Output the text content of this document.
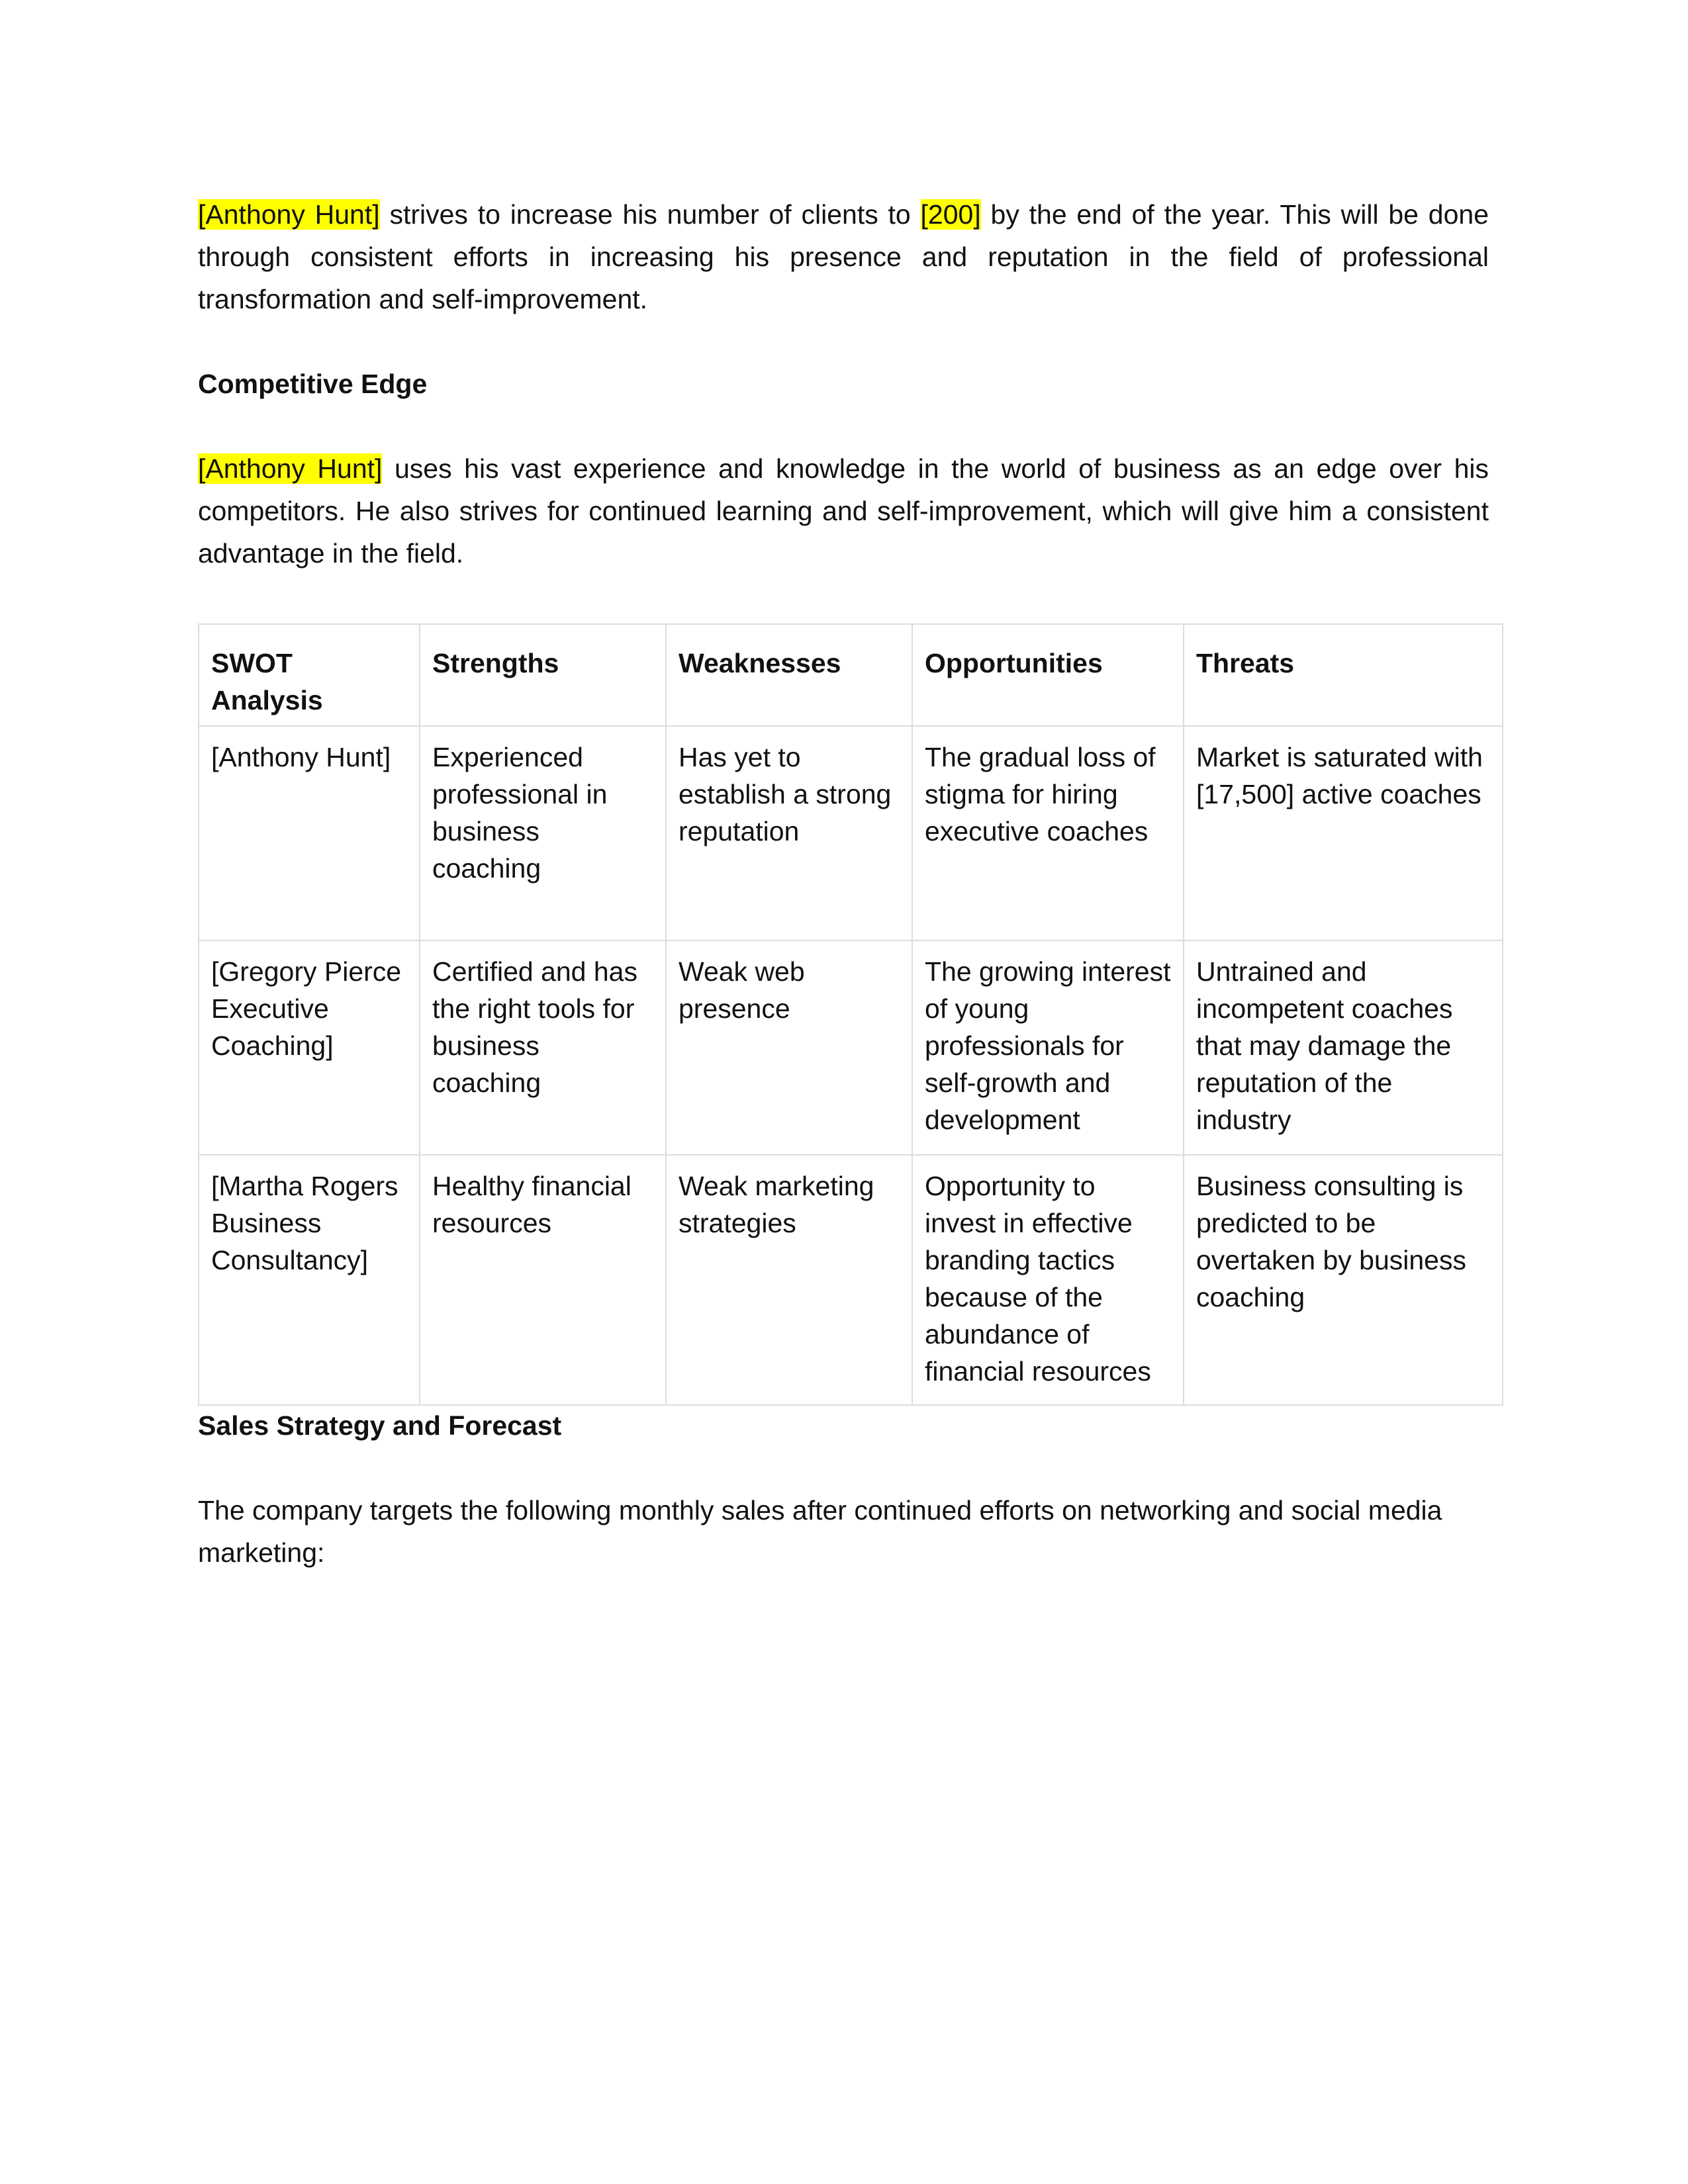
[Anthony Hunt] strives to increase his number of clients to [200] by the end of the year. This will be done through consistent efforts in increasing his presence and reputation in the field of professional transformation and self-improvement.

Competitive Edge

[Anthony Hunt] uses his vast experience and knowledge in the world of business as an edge over his competitors. He also strives for continued learning and self-improvement, which will give him a consistent advantage in the field.

SWOT Analysis	Strengths	Weaknesses	Opportunities	Threats
[Anthony Hunt]	Experienced professional in business coaching	Has yet to establish a strong reputation	The gradual loss of stigma for hiring executive coaches	Market is saturated with [17,500] active coaches
[Gregory Pierce Executive Coaching]	Certified and has the right tools for business coaching	Weak web presence	The growing interest of young professionals for self-growth and development	Untrained and incompetent coaches that may damage the reputation of the industry
[Martha Rogers Business Consultancy]	Healthy financial resources	Weak marketing strategies	Opportunity to invest in effective branding tactics because of the abundance of financial resources	Business consulting is predicted to be overtaken by business coaching
Sales Strategy and Forecast

The company targets the following monthly sales after continued efforts on networking and social media marketing:
